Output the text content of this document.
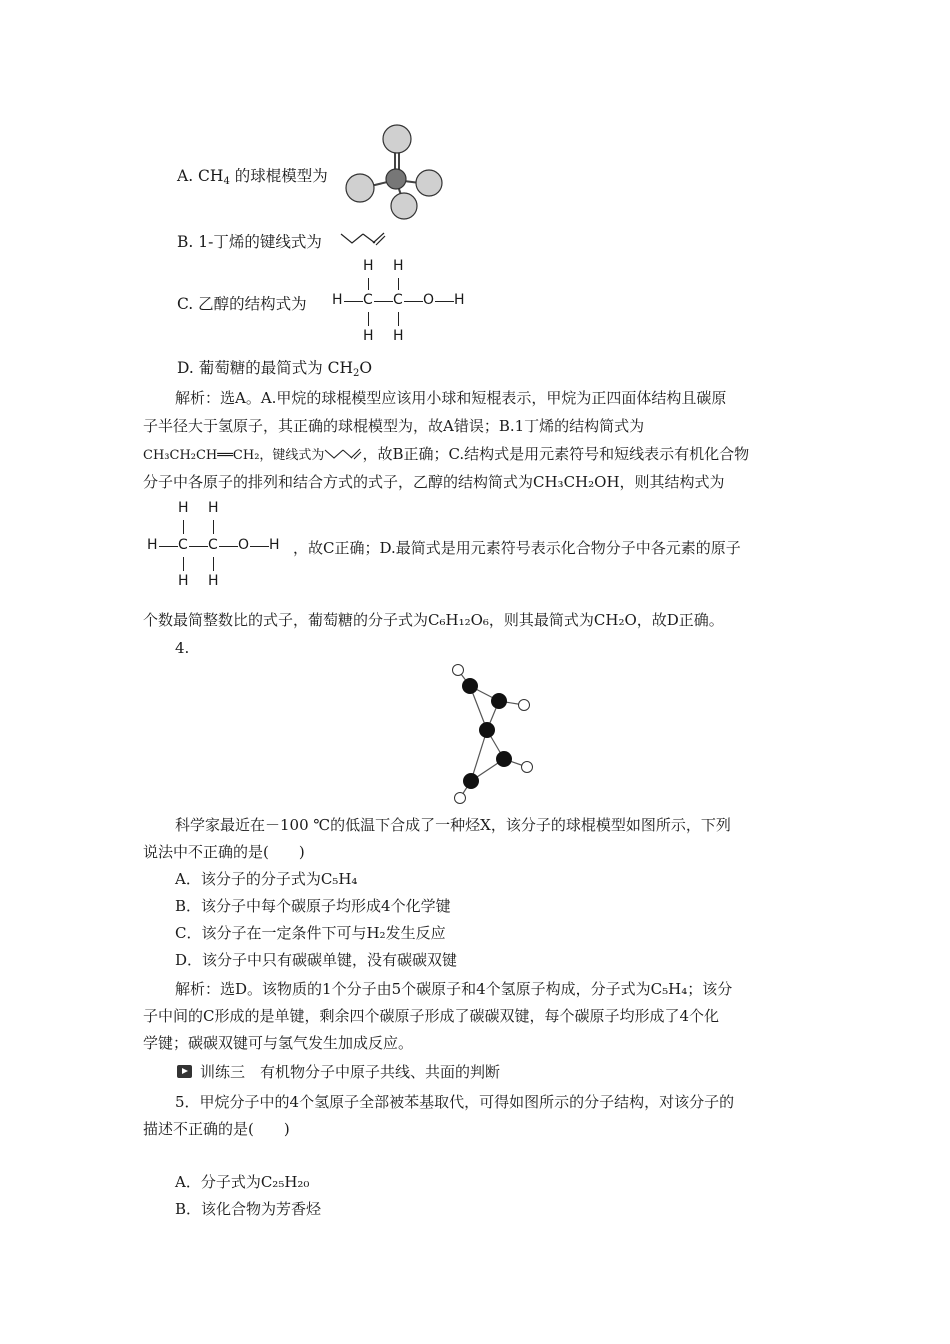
A. $CH_4$ 的球棍模型为
B. 1-丁烯的键线式为
C. 乙醇的结构式为
H H
H C C O H
H H
D. 葡萄糖的最简式为 $CH_2O$
解析：选A。A.甲烷的球棍模型应该用小球和短棍表示，甲烷为正四面体结构且碳原
子半径大于氢原子，其正确的球棍模型为，故A错误；B.1丁烯的结构简式为
CH₃CH₂CH══CH₂，键线式为	，故B正确；C.结构式是用元素符号和短线表示有机化合物
分子中各原子的排列和结合方式的式子，乙醇的结构简式为CH₃CH₂OH，则其结构式为
H H
H C C O H
H H
，故C正确；D.最简式是用元素符号表示化合物分子中各元素的原子
个数最简整数比的式子，葡萄糖的分子式为C₆H₁₂O₆，则其最简式为CH₂O，故D正确。
4.
科学家最近在－100 ℃的低温下合成了一种烃X，该分子的球棍模型如图所示，下列
说法中不正确的是(　　)
A．该分子的分子式为C₅H₄
B．该分子中每个碳原子均形成4个化学键
C．该分子在一定条件下可与H₂发生反应
D．该分子中只有碳碳单键，没有碳碳双键
解析：选D。该物质的1个分子由5个碳原子和4个氢原子构成，分子式为C₅H₄；该分
子中间的C形成的是单键，剩余四个碳原子形成了碳碳双键，每个碳原子均形成了4个化
学键；碳碳双键可与氢气发生加成反应。
训练三　有机物分子中原子共线、共面的判断
5．甲烷分子中的4个氢原子全部被苯基取代，可得如图所示的分子结构，对该分子的
描述不正确的是(　　)
A．分子式为C₂₅H₂₀
B．该化合物为芳香烃
